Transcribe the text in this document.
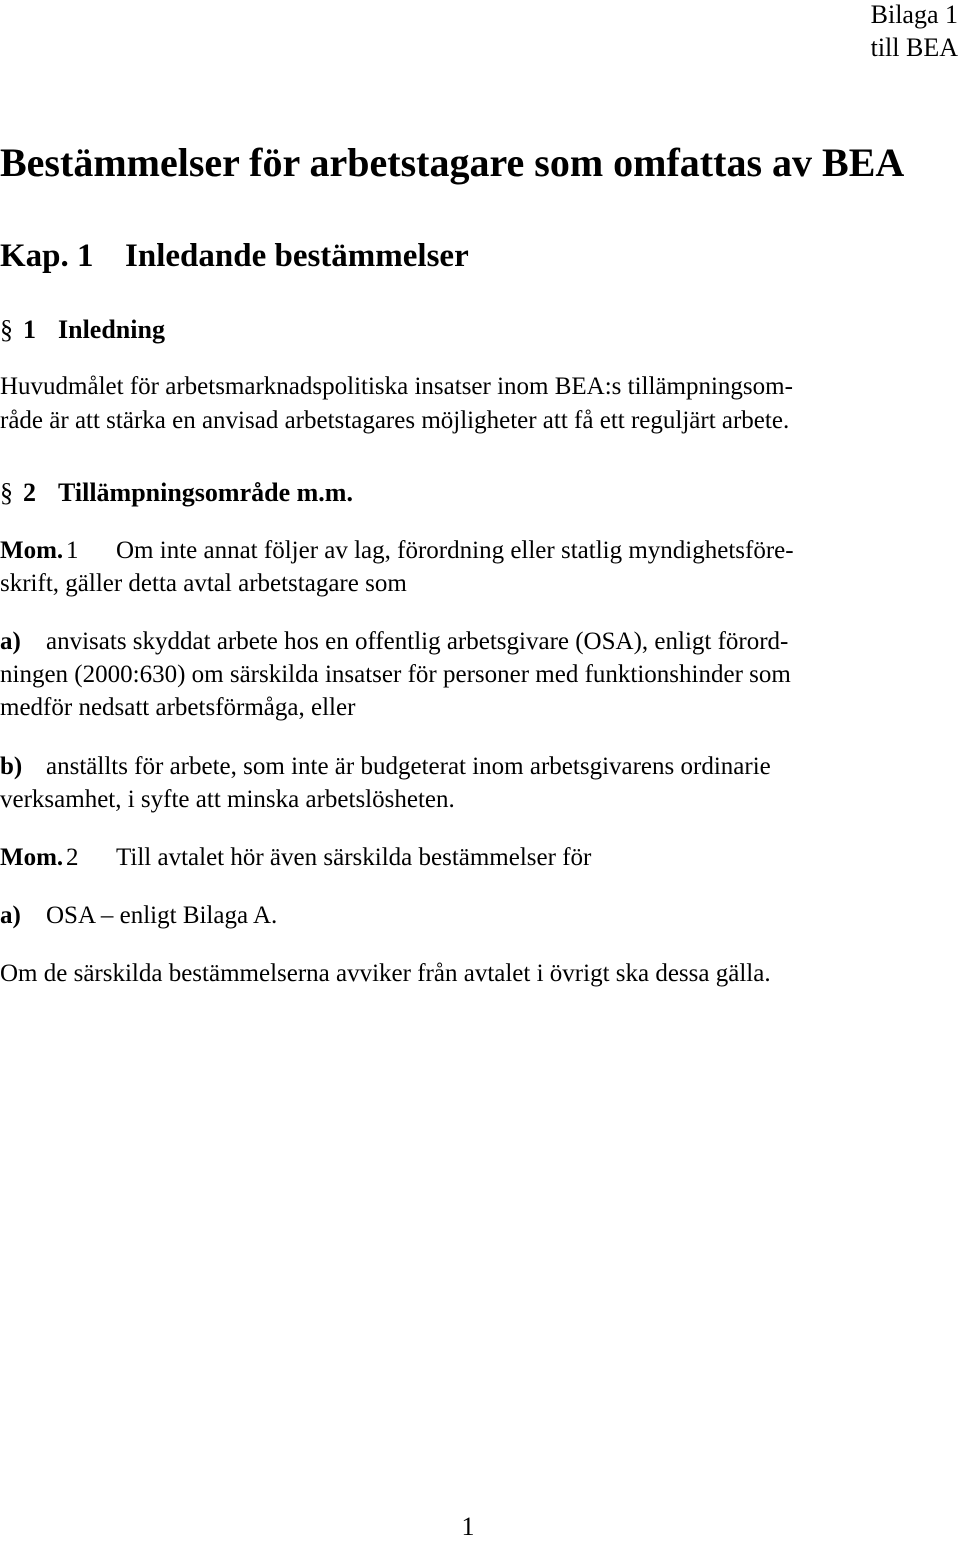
Bilaga 1
till BEA
Bestämmelser för arbetstagare som omfattas av BEA
Kap. 1 Inledande bestämmelser
§ 1 Inledning
Huvudmålet för arbetsmarknadspolitiska insatser inom BEA:s tillämpningsom-
råde är att stärka en anvisad arbetstagares möjligheter att få ett reguljärt arbete.
§ 2 Tillämpningsområde m.m.
Mom. 1 Om inte annat följer av lag, förordning eller statlig myndighetsföre-
skrift, gäller detta avtal arbetstagare som
a) anvisats skyddat arbete hos en offentlig arbetsgivare (OSA), enligt förord-
ningen (2000:630) om särskilda insatser för personer med funktionshinder som
medför nedsatt arbetsförmåga, eller
b) anställts för arbete, som inte är budgeterat inom arbetsgivarens ordinarie
verksamhet, i syfte att minska arbetslösheten.
Mom. 2 Till avtalet hör även särskilda bestämmelser för
a) OSA – enligt Bilaga A.
Om de särskilda bestämmelserna avviker från avtalet i övrigt ska dessa gälla.
1
